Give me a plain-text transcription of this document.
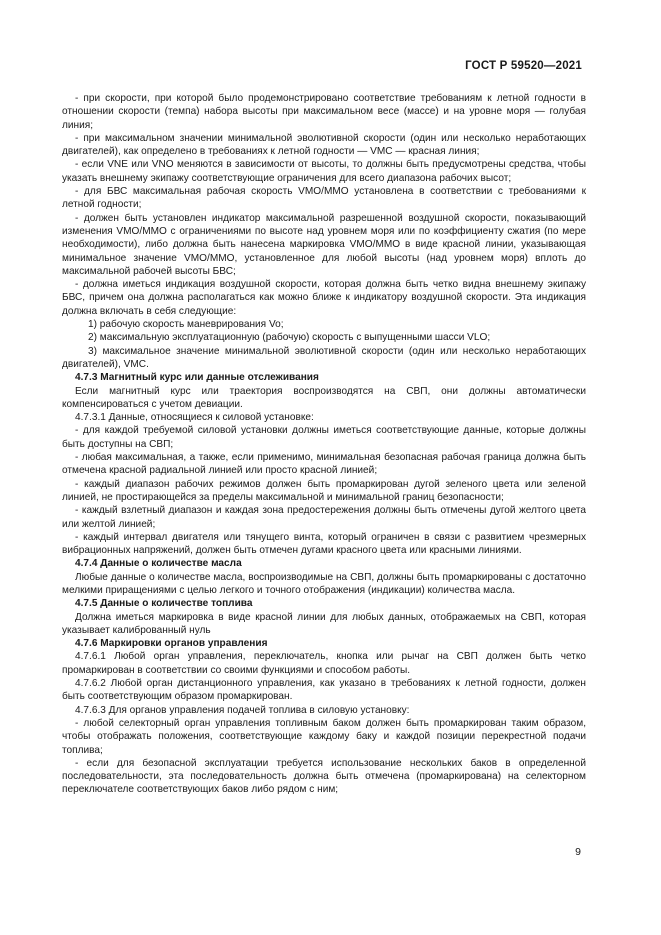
ГОСТ Р 59520—2021

- при скорости, при которой было продемонстрировано соответствие требованиям к летной годности в отношении скорости (темпа) набора высоты при максимальном весе (массе) и на уровне моря — голубая линия;

- при максимальном значении минимальной эволютивной скорости (один или несколько неработающих двигателей), как определено в требованиях к летной годности — VMC — красная линия;

- если VNE или VNO меняются в зависимости от высоты, то должны быть предусмотрены средства, чтобы указать внешнему экипажу соответствующие ограничения для всего диапазона рабочих высот;

- для БВС максимальная рабочая скорость VMO/MMO установлена в соответствии с требованиями к летной годности;

- должен быть установлен индикатор максимальной разрешенной воздушной скорости, показывающий изменения VMO/MMO с ограничениями по высоте над уровнем моря или по коэффициенту сжатия (по мере необходимости), либо должна быть нанесена маркировка VMO/MMO в виде красной линии, указывающая минимальное значение VMO/MMO, установленное для любой высоты (над уровнем моря) вплоть до максимальной рабочей высоты БВС;

- должна иметься индикация воздушной скорости, которая должна быть четко видна внешнему экипажу БВС, причем она должна располагаться как можно ближе к индикатору воздушной скорости. Эта индикация должна включать в себя следующие:

1) рабочую скорость маневрирования Vo;

2) максимальную эксплуатационную (рабочую) скорость с выпущенными шасси VLO;

3) максимальное значение минимальной эволютивной скорости (один или несколько неработающих двигателей), VMC.

4.7.3 Магнитный курс или данные отслеживания

Если магнитный курс или траектория воспроизводятся на СВП, они должны автоматически компенсироваться с учетом девиации.

4.7.3.1 Данные, относящиеся к силовой установке:

- для каждой требуемой силовой установки должны иметься соответствующие данные, которые должны быть доступны на СВП;

- любая максимальная, а также, если применимо, минимальная безопасная рабочая граница должна быть отмечена красной радиальной линией или просто красной линией;

- каждый диапазон рабочих режимов должен быть промаркирован дугой зеленого цвета или зеленой линией, не простирающейся за пределы максимальной и минимальной границ безопасности;

- каждый взлетный диапазон и каждая зона предостережения должны быть отмечены дугой желтого цвета или желтой линией;

- каждый интервал двигателя или тянущего винта, который ограничен в связи с развитием чрезмерных вибрационных напряжений, должен быть отмечен дугами красного цвета или красными линиями.

4.7.4 Данные о количестве масла

Любые данные о количестве масла, воспроизводимые на СВП, должны быть промаркированы с достаточно мелкими приращениями с целью легкого и точного отображения (индикации) количества масла.

4.7.5 Данные о количестве топлива

Должна иметься маркировка в виде красной линии для любых данных, отображаемых на СВП, которая указывает калиброванный нуль

4.7.6 Маркировки органов управления

4.7.6.1 Любой орган управления, переключатель, кнопка или рычаг на СВП должен быть четко промаркирован в соответствии со своими функциями и способом работы.

4.7.6.2 Любой орган дистанционного управления, как указано в требованиях к летной годности, должен быть соответствующим образом промаркирован.

4.7.6.3 Для органов управления подачей топлива в силовую установку:

- любой селекторный орган управления топливным баком должен быть промаркирован таким образом, чтобы отображать положения, соответствующие каждому баку и каждой позиции перекрестной подачи топлива;

- если для безопасной эксплуатации требуется использование нескольких баков в определенной последовательности, эта последовательность должна быть отмечена (промаркирована) на селекторном переключателе соответствующих баков либо рядом с ним;

9
